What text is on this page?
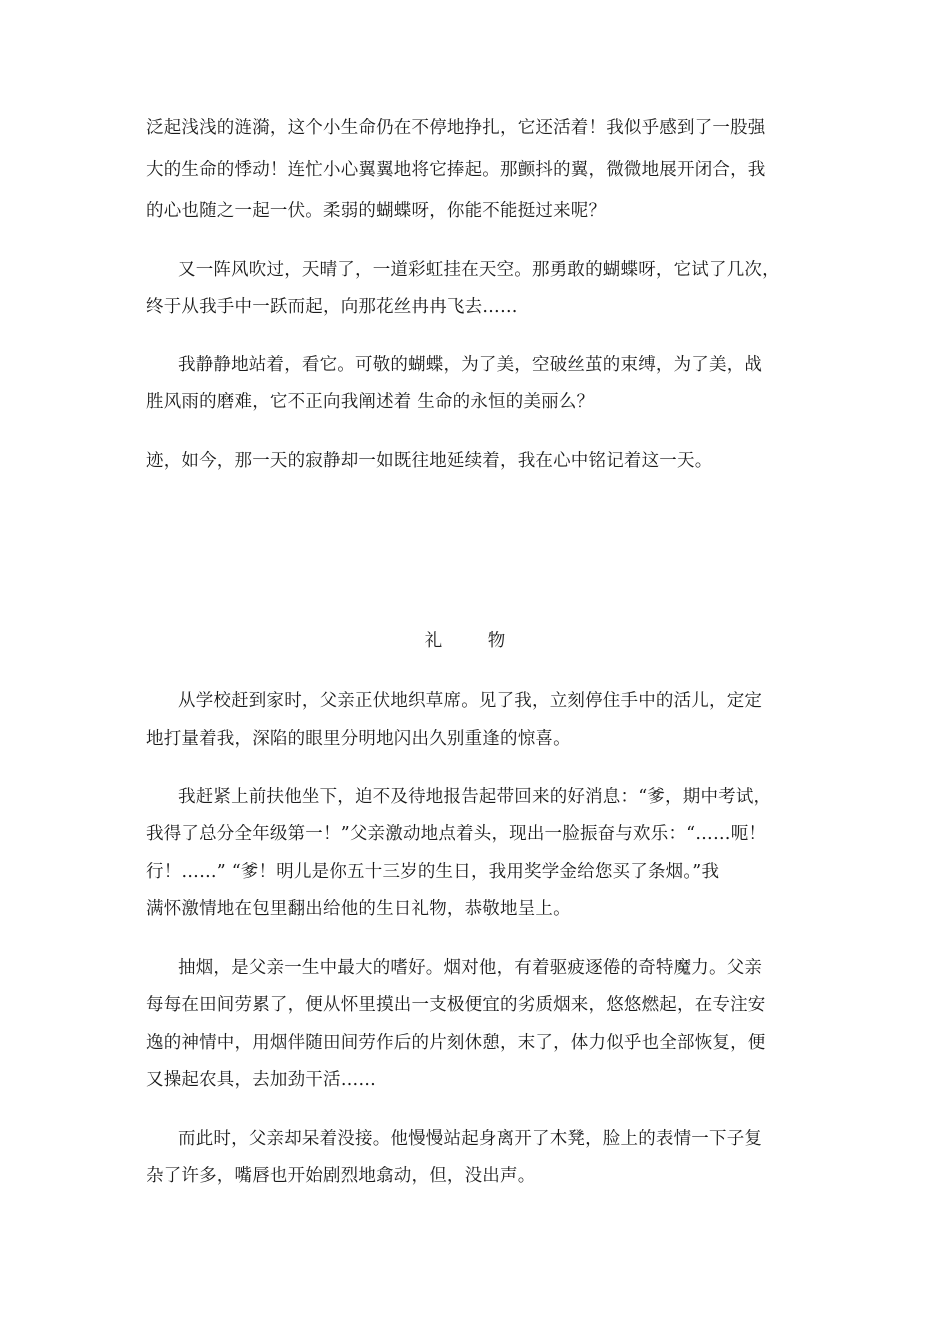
泛起浅浅的涟漪，这个小生命仍在不停地挣扎，它还活着！我似乎感到了一股强
大的生命的悸动！连忙小心翼翼地将它捧起。那颤抖的翼，微微地展开闭合，我
的心也随之一起一伏。柔弱的蝴蝶呀，你能不能挺过来呢？
又一阵风吹过，天晴了，一道彩虹挂在天空。那勇敢的蝴蝶呀，它试了几次，
终于从我手中一跃而起，向那花丝冉冉飞去……
我静静地站着，看它。可敬的蝴蝶，为了美，空破丝茧的束缚，为了美，战
胜风雨的磨难，它不正向我阐述着 生命的永恒的美丽么？
迹，如今，那一天的寂静却一如既往地延续着，我在心中铭记着这一天。
礼 物
从学校赶到家时，父亲正伏地织草席。见了我，立刻停住手中的活儿，定定
地打量着我，深陷的眼里分明地闪出久别重逢的惊喜。
我赶紧上前扶他坐下，迫不及待地报告起带回来的好消息：“爹，期中考试，
我得了总分全年级第一！”父亲激动地点着头，现出一脸振奋与欢乐：“……呃！
行！……” “爹！明儿是你五十三岁的生日，我用奖学金给您买了条烟。”我
满怀激情地在包里翻出给他的生日礼物，恭敬地呈上。
抽烟，是父亲一生中最大的嗜好。烟对他，有着驱疲逐倦的奇特魔力。父亲
每每在田间劳累了，便从怀里摸出一支极便宜的劣质烟来，悠悠燃起，在专注安
逸的神情中，用烟伴随田间劳作后的片刻休憩，末了，体力似乎也全部恢复，便
又操起农具，去加劲干活……
而此时，父亲却呆着没接。他慢慢站起身离开了木凳，脸上的表情一下子复
杂了许多，嘴唇也开始剧烈地翕动，但，没出声。
